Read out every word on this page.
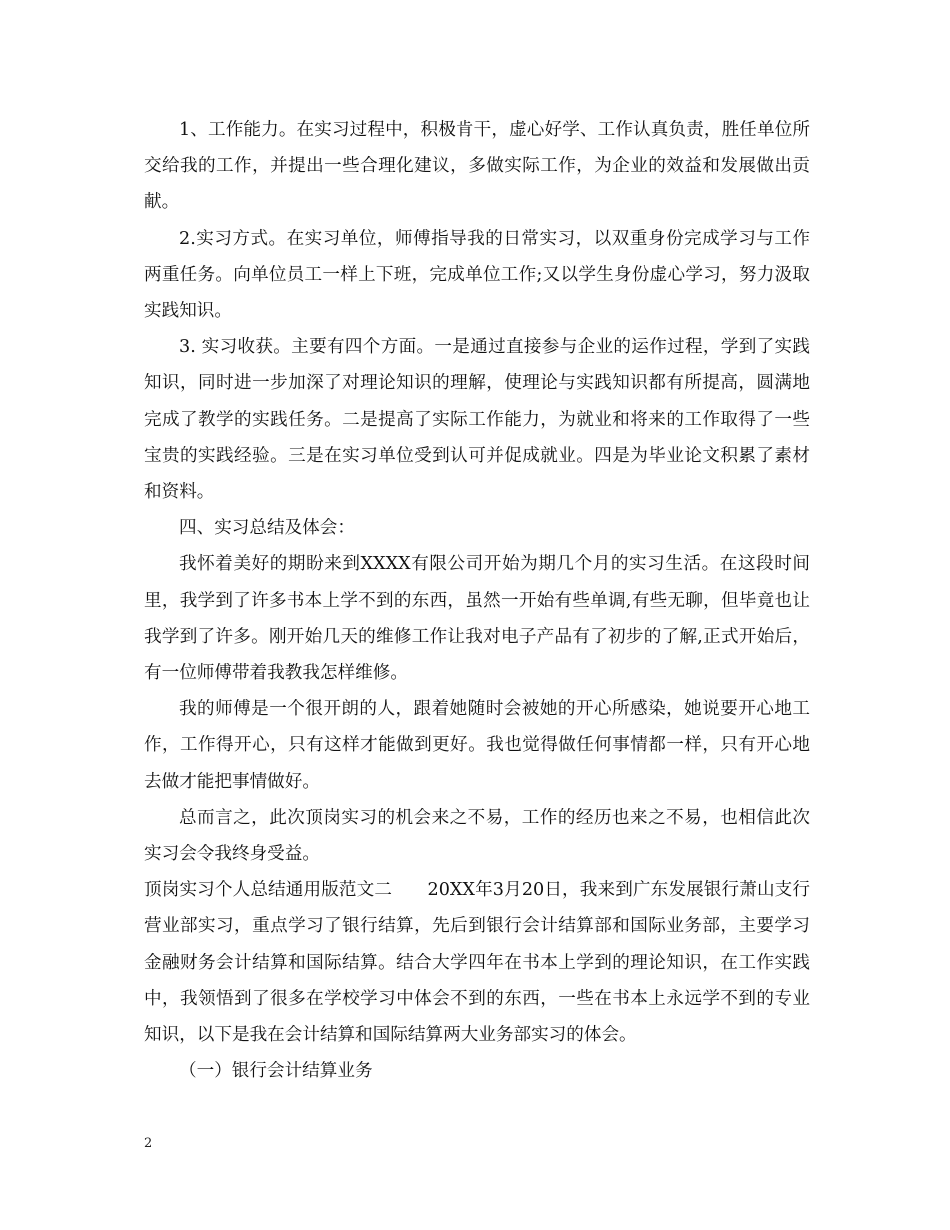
1、工作能力。在实习过程中，积极肯干，虚心好学、工作认真负责，胜任单位所交给我的工作，并提出一些合理化建议，多做实际工作，为企业的效益和发展做出贡献。

2.实习方式。在实习单位，师傅指导我的日常实习，以双重身份完成学习与工作两重任务。向单位员工一样上下班，完成单位工作;又以学生身份虚心学习，努力汲取实践知识。

3. 实习收获。主要有四个方面。一是通过直接参与企业的运作过程，学到了实践知识，同时进一步加深了对理论知识的理解，使理论与实践知识都有所提高，圆满地完成了教学的实践任务。二是提高了实际工作能力，为就业和将来的工作取得了一些宝贵的实践经验。三是在实习单位受到认可并促成就业。四是为毕业论文积累了素材和资料。

四、实习总结及体会：

我怀着美好的期盼来到XXXX有限公司开始为期几个月的实习生活。在这段时间里，我学到了许多书本上学不到的东西，虽然一开始有些单调,有些无聊，但毕竟也让我学到了许多。刚开始几天的维修工作让我对电子产品有了初步的了解,正式开始后，有一位师傅带着我教我怎样维修。

我的师傅是一个很开朗的人，跟着她随时会被她的开心所感染，她说要开心地工作，工作得开心，只有这样才能做到更好。我也觉得做任何事情都一样，只有开心地去做才能把事情做好。

总而言之，此次顶岗实习的机会来之不易，工作的经历也来之不易，也相信此次实习会令我终身受益。

顶岗实习个人总结通用版范文二　　20XX年3月20日，我来到广东发展银行萧山支行营业部实习，重点学习了银行结算，先后到银行会计结算部和国际业务部，主要学习金融财务会计结算和国际结算。结合大学四年在书本上学到的理论知识，在工作实践中，我领悟到了很多在学校学习中体会不到的东西，一些在书本上永远学不到的专业知识，以下是我在会计结算和国际结算两大业务部实习的体会。

（一）银行会计结算业务

2
